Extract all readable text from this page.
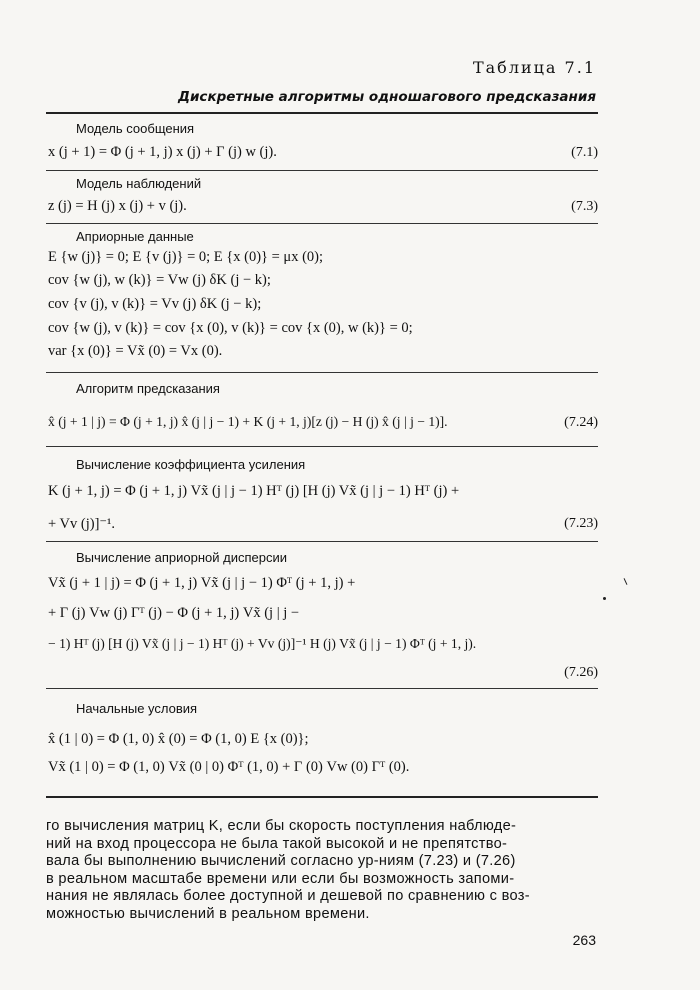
Таблица 7.1
Дискретные алгоритмы одношагового предсказания
Модель сообщения
x (j + 1) = Φ (j + 1, j) x (j) + Γ (j) w (j).	(7.1)
Модель наблюдений
z (j) = H (j) x (j) + v (j).	(7.3)
Априорные данные
E {w (j)} = 0; E {v (j)} = 0; E {x (0)} = μx (0);
cov {w (j), w (k)} = Vw (j) δK (j − k);
cov {v (j), v (k)} = Vv (j) δK (j − k);
cov {w (j), v (k)} = cov {x (0), v (k)} = cov {x (0), w (k)} = 0;
var {x (0)} = Vx̃ (0) = Vx (0).
Алгоритм предсказания
x̂ (j + 1 | j) = Φ (j + 1, j) x̂ (j | j − 1) + K (j + 1, j)[z (j) − H (j) x̂ (j | j − 1)].	(7.24)
Вычисление коэффициента усиления
K (j + 1, j) = Φ (j + 1, j) Vx̃ (j | j − 1) Hᵀ (j) [H (j) Vx̃ (j | j − 1) Hᵀ (j) +
+ Vv (j)]⁻¹.	(7.23)
Вычисление априорной дисперсии
Vx̃ (j + 1 | j) = Φ (j + 1, j) Vx̃ (j | j − 1) Φᵀ (j + 1, j) +
+ Γ (j) Vw (j) Γᵀ (j) − Φ (j + 1, j) Vx̃ (j | j −
− 1) Hᵀ (j) [H (j) Vx̃ (j | j − 1) Hᵀ (j) + Vv (j)]⁻¹ H (j) Vx̃ (j | j − 1) Φᵀ (j + 1, j).
(7.26)
Начальные условия
x̂ (1 | 0) = Φ (1, 0) x̂ (0) = Φ (1, 0) E {x (0)};
Vx̃ (1 | 0) = Φ (1, 0) Vx̃ (0 | 0) Φᵀ (1, 0) + Γ (0) Vw (0) Γᵀ (0).
го вычисления матриц K, если бы скорость поступления наблюде-
ний на вход процессора не была такой высокой и не препятство-
вала бы выполнению вычислений согласно ур-ниям (7.23) и (7.26)
в реальном масштабе времени или если бы возможность запоми-
нания не являлась более доступной и дешевой по сравнению с воз-
можностью вычислений в реальном времени.
263
